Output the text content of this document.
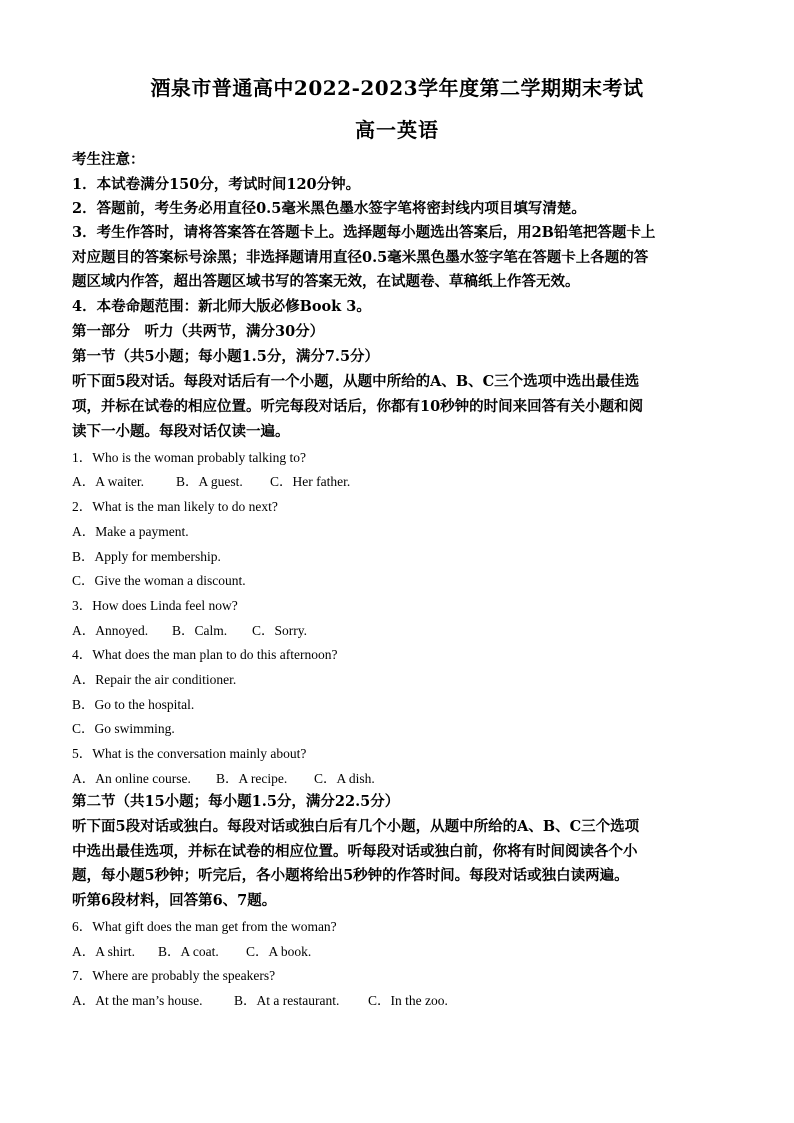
酒泉市普通高中2022-2023学年度第二学期期末考试
高一英语
考生注意：
1．本试卷满分150分，考试时间120分钟。
2．答题前，考生务必用直径0.5毫米黑色墨水签字笔将密封线内项目填写清楚。
3．考生作答时，请将答案答在答题卡上。选择题每小题选出答案后，用2B铅笔把答题卡上
对应题目的答案标号涂黑；非选择题请用直径0.5毫米黑色墨水签字笔在答题卡上各题的答
题区域内作答，超出答题区域书写的答案无效，在试题卷、草稿纸上作答无效。
4．本卷命题范围：新北师大版必修Book 3。
第一部分　听力（共两节，满分30分）
第一节（共5小题；每小题1.5分，满分7.5分）
听下面5段对话。每段对话后有一个小题，从题中所给的A、B、C三个选项中选出最佳选
项，并标在试卷的相应位置。听完每段对话后，你都有10秒钟的时间来回答有关小题和阅
读下一小题。每段对话仅读一遍。
1．Who is the woman probably talking to?
A．A waiter. B．A guest. C．Her father.
2．What is the man likely to do next?
A．Make a payment.
B．Apply for membership.
C．Give the woman a discount.
3．How does Linda feel now?
A．Annoyed. B．Calm. C．Sorry.
4．What does the man plan to do this afternoon?
A．Repair the air conditioner.
B．Go to the hospital.
C．Go swimming.
5．What is the conversation mainly about?
A．An online course. B．A recipe. C．A dish.
第二节（共15小题；每小题1.5分，满分22.5分）
听下面5段对话或独白。每段对话或独白后有几个小题，从题中所给的A、B、C三个选项
中选出最佳选项，并标在试卷的相应位置。听每段对话或独白前，你将有时间阅读各个小
题，每小题5秒钟；听完后，各小题将给出5秒钟的作答时间。每段对话或独白读两遍。
听第6段材料，回答第6、7题。
6．What gift does the man get from the woman?
A．A shirt. B．A coat. C．A book.
7．Where are probably the speakers?
A．At the man’s house. B．At a restaurant. C．In the zoo.
